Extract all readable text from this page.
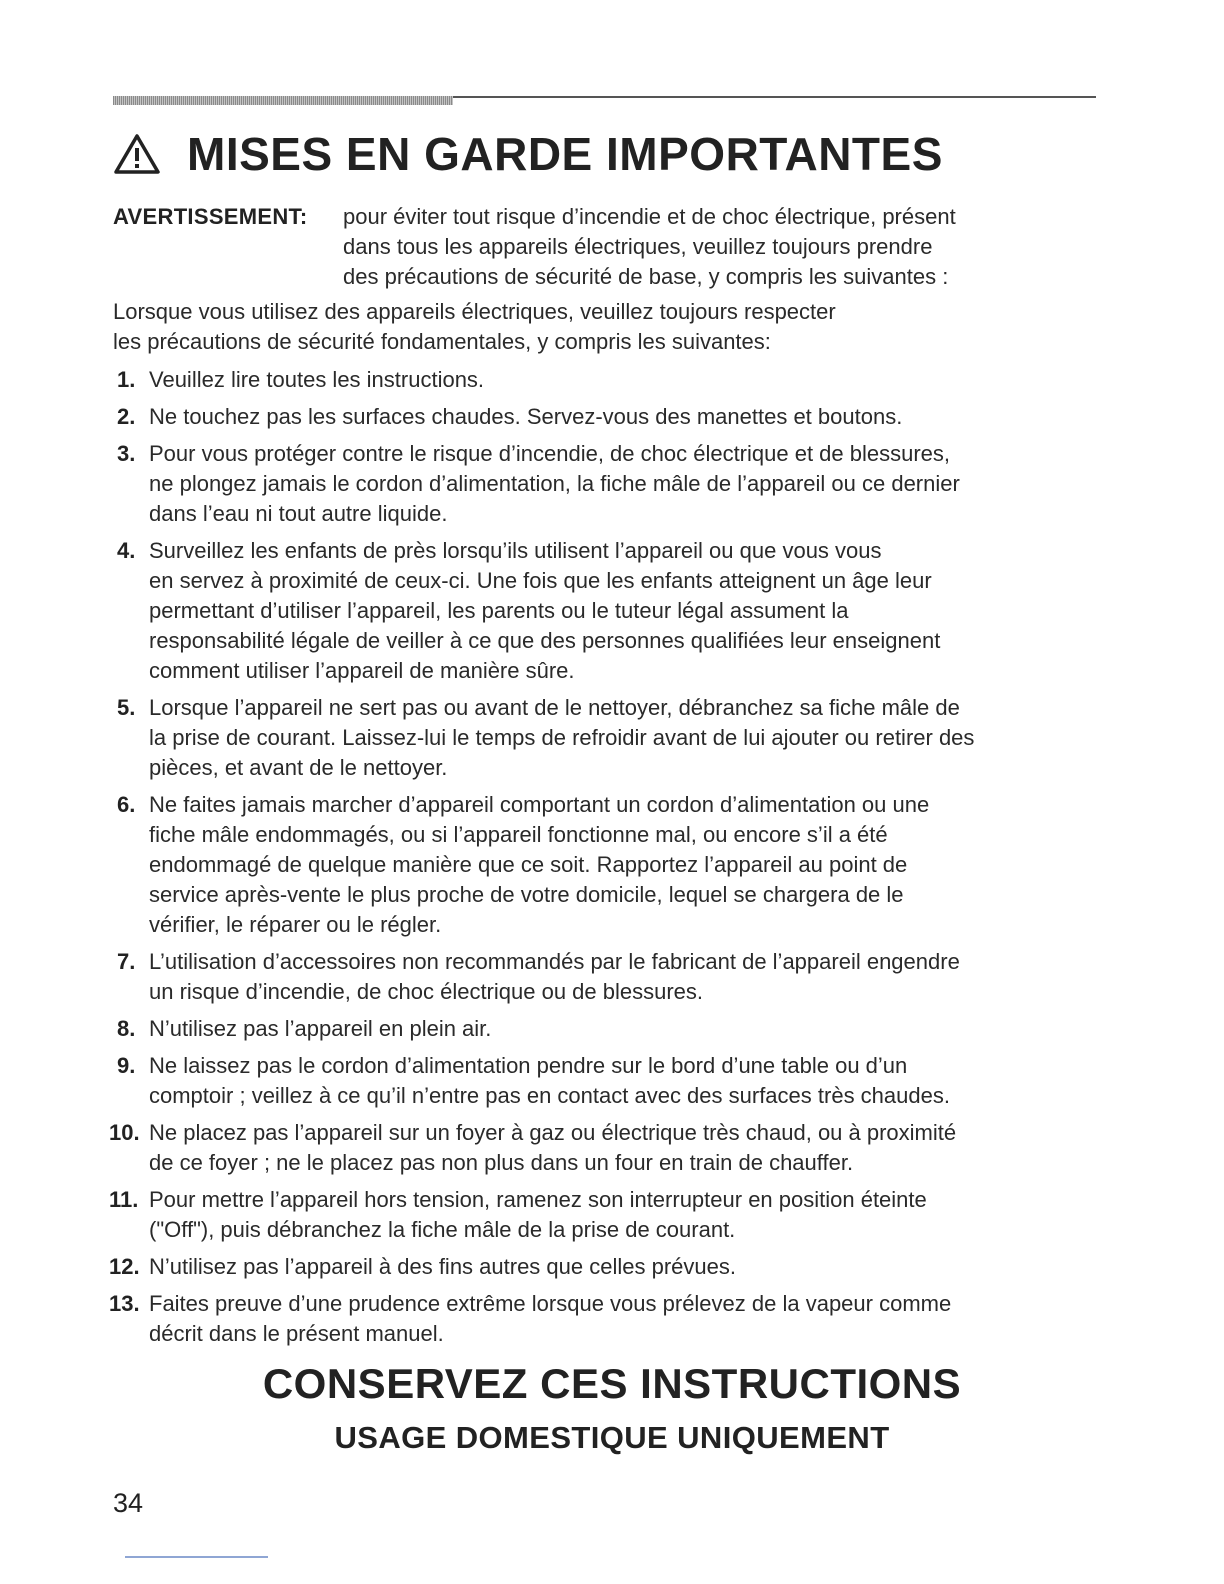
MISES EN GARDE IMPORTANTES
AVERTISSEMENT: pour éviter tout risque d’incendie et de choc électrique, présent
dans tous les appareils électriques, veuillez toujours prendre
des précautions de sécurité de base, y compris les suivantes :
Lorsque vous utilisez des appareils électriques, veuillez toujours respecter
les précautions de sécurité fondamentales, y compris les suivantes:
1. Veuillez lire toutes les instructions.
2. Ne touchez pas les surfaces chaudes. Servez-vous des manettes et boutons.
3. Pour vous protéger contre le risque d’incendie, de choc électrique et de blessures,
ne plongez jamais le cordon d’alimentation, la fiche mâle de l’appareil ou ce dernier
dans l’eau ni tout autre liquide.
4. Surveillez les enfants de près lorsqu’ils utilisent l’appareil ou que vous vous
en servez à proximité de ceux-ci. Une fois que les enfants atteignent un âge leur
permettant d’utiliser l’appareil, les parents ou le tuteur légal assument la
responsabilité légale de veiller à ce que des personnes qualifiées leur enseignent
comment utiliser l’appareil de manière sûre.
5. Lorsque l’appareil ne sert pas ou avant de le nettoyer, débranchez sa fiche mâle de
la prise de courant. Laissez-lui le temps de refroidir avant de lui ajouter ou retirer des
pièces, et avant de le nettoyer.
6. Ne faites jamais marcher d’appareil comportant un cordon d’alimentation ou une
fiche mâle endommagés, ou si l’appareil fonctionne mal, ou encore s’il a été
endommagé de quelque manière que ce soit. Rapportez l’appareil au point de
service après-vente le plus proche de votre domicile, lequel se chargera de le
vérifier, le réparer ou le régler.
7. L’utilisation d’accessoires non recommandés par le fabricant de l’appareil engendre
un risque d’incendie, de choc électrique ou de blessures.
8. N’utilisez pas l’appareil en plein air.
9. Ne laissez pas le cordon d’alimentation pendre sur le bord d’une table ou d’un
comptoir ; veillez à ce qu’il n’entre pas en contact avec des surfaces très chaudes.
10. Ne placez pas l’appareil sur un foyer à gaz ou électrique très chaud, ou à proximité
de ce foyer ; ne le placez pas non plus dans un four en train de chauffer.
11. Pour mettre l’appareil hors tension, ramenez son interrupteur en position éteinte
("Off"), puis débranchez la fiche mâle de la prise de courant.
12. N’utilisez pas l’appareil à des fins autres que celles prévues.
13. Faites preuve d’une prudence extrême lorsque vous prélevez de la vapeur comme
décrit dans le présent manuel.
CONSERVEZ CES INSTRUCTIONS
USAGE DOMESTIQUE UNIQUEMENT
34
